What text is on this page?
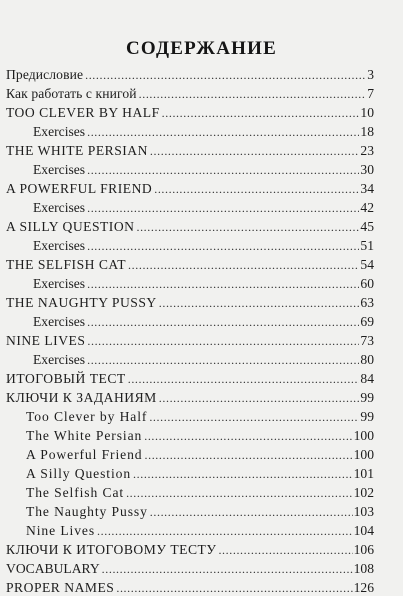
СОДЕРЖАНИЕ
Предисловие .....	3
Как работать с книгой .....	7
TOO CLEVER BY HALF .....	10
Exercises .....	18
THE WHITE PERSIAN .....	23
Exercises .....	30
A POWERFUL FRIEND .....	34
Exercises .....	42
A SILLY QUESTION .....	45
Exercises .....	51
THE SELFISH CAT .....	54
Exercises .....	60
THE NAUGHTY PUSSY .....	63
Exercises .....	69
NINE LIVES .....	73
Exercises .....	80
ИТОГОВЫЙ ТЕСТ .....	84
КЛЮЧИ К ЗАДАНИЯМ .....	99
Too Clever by Half .....	99
The White Persian .....	100
A Powerful Friend .....	100
A Silly Question .....	101
The Selfish Cat .....	102
The Naughty Pussy .....	103
Nine Lives .....	104
КЛЮЧИ К ИТОГОВОМУ ТЕСТУ .....	106
VOCABULARY .....	108
PROPER NAMES .....	126
